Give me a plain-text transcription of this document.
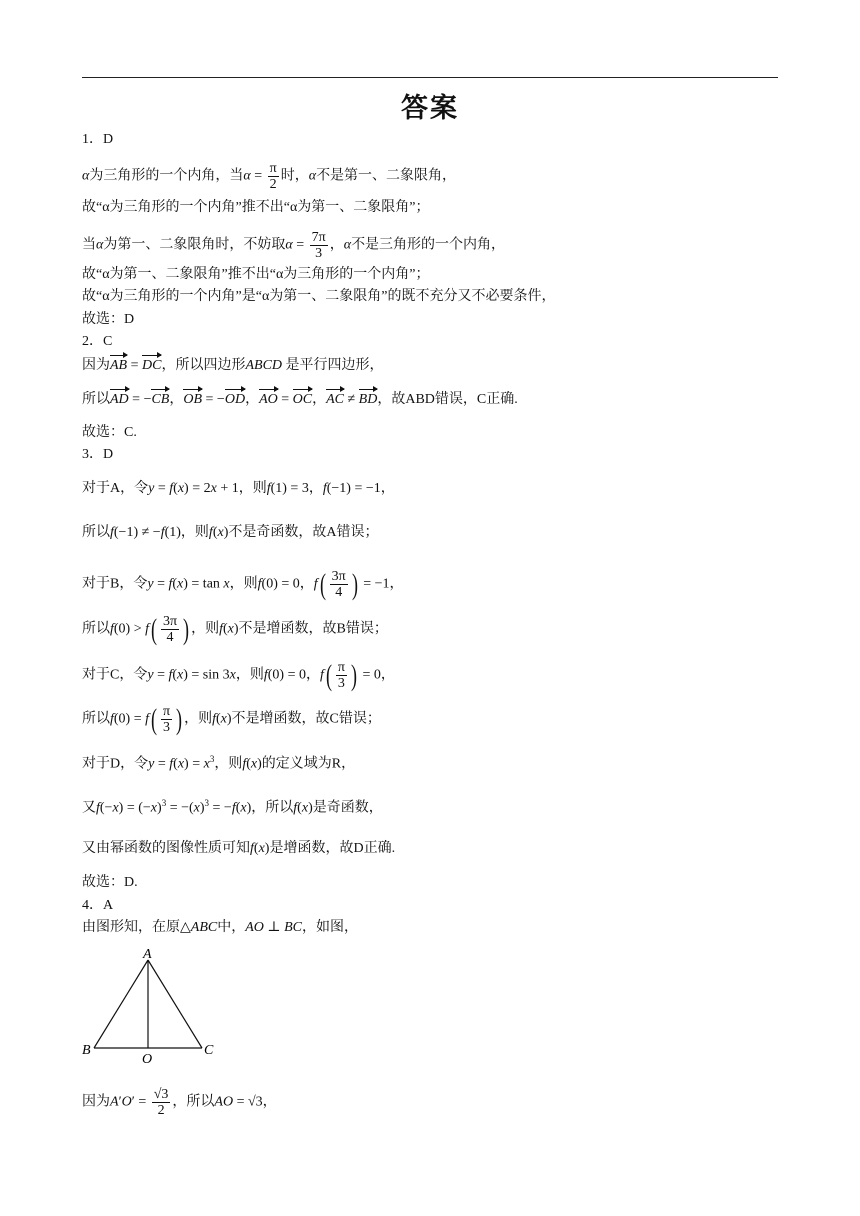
答案
1．D
α为三角形的一个内角，当$\alpha = \frac{\pi}{2}$ 时，α不是第一、二象限角，
故“α为三角形的一个内角”推不出“α为第一、二象限角”；
当α为第一、二象限角时，不妨取$\alpha = \frac{7\pi}{3}$ ，α不是三角形的一个内角，
故“α为第一、二象限角”推不出“α为三角形的一个内角”；
故“α为三角形的一个内角”是“α为第一、二象限角”的既不充分又不必要条件，
故选：D
2．C
因为AB = DC，所以四边形ABCD 是平行四边形，
所以AD = −CB，OB = −OD，AO = OC，AC ≠ BD，故ABD错误，C正确.
故选：C.
3．D
对于A，令y = f(x) = 2x + 1，则f(1) = 3，f(−1) = −1，
所以f(−1) ≠ −f(1)，则f(x)不是奇函数，故A错误；
对于B，令y = f(x) = tan x，则f(0) = 0，$f( \frac{3\pi}{4}$ ) = −1，
所以$f(0) > f( \frac{3\pi}{4}$ ) ，则f(x)不是增函数，故B错误；
对于C，令y = f(x) = sin 3x，则f(0) = 0，$f( \frac{\pi}{3}$ ) = 0，
所以$f(0) = f( \frac{\pi}{3}$ ) ，则f(x)不是增函数，故C错误；
对于D，令$y = f(x) = x^3$，则f(x)的定义域为R，
又$f(-x) = (-x)^3 = -(x)^3 = -f(x)$，所以f(x)是奇函数，
又由幂函数的图像性质可知f(x)是增函数，故D正确.
故选：D.
4．A
由图形知，在原△ABC中，AO ⊥ BC，如图，
A
B
O
C
因为$A'O' = \frac{√3}{2}$ ，所以AO = √3，
